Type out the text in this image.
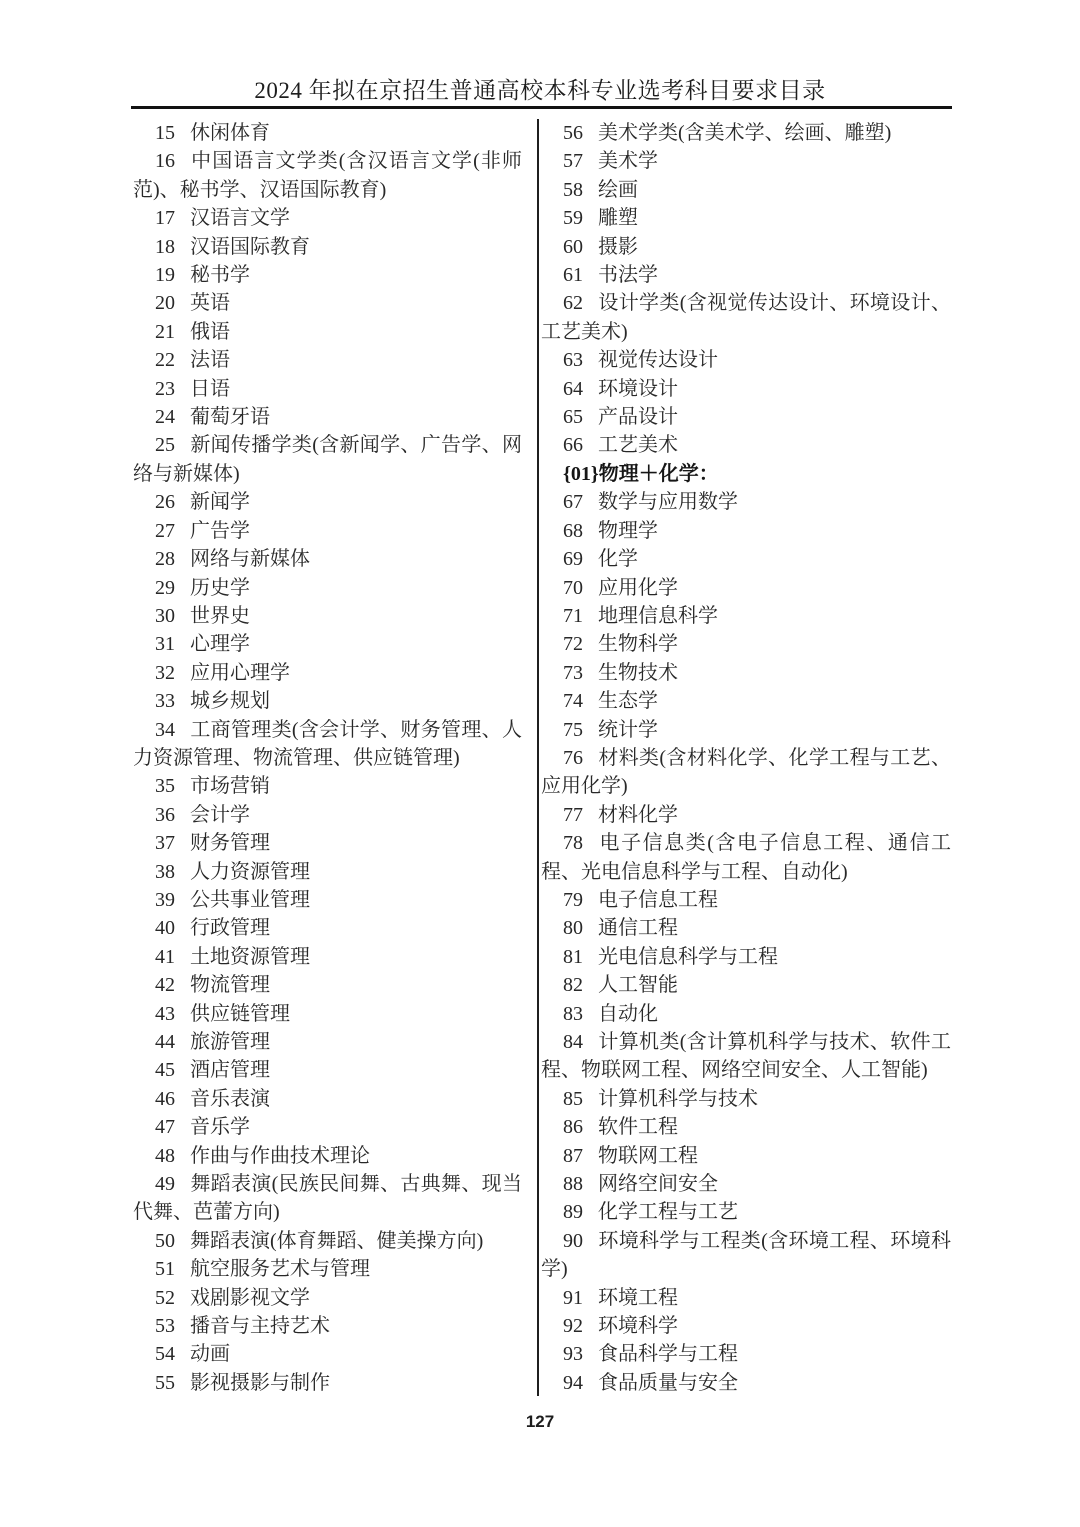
2024 年拟在京招生普通高校本科专业选考科目要求目录

15 休闲体育

16 中国语言文学类(含汉语言文学(非师范)、秘书学、汉语国际教育)

17 汉语言文学

18 汉语国际教育

19 秘书学

20 英语

21 俄语

22 法语

23 日语

24 葡萄牙语

25 新闻传播学类(含新闻学、广告学、网络与新媒体)

26 新闻学

27 广告学

28 网络与新媒体

29 历史学

30 世界史

31 心理学

32 应用心理学

33 城乡规划

34 工商管理类(含会计学、财务管理、人力资源管理、物流管理、供应链管理)

35 市场营销

36 会计学

37 财务管理

38 人力资源管理

39 公共事业管理

40 行政管理

41 土地资源管理

42 物流管理

43 供应链管理

44 旅游管理

45 酒店管理

46 音乐表演

47 音乐学

48 作曲与作曲技术理论

49 舞蹈表演(民族民间舞、古典舞、现当代舞、芭蕾方向)

50 舞蹈表演(体育舞蹈、健美操方向)

51 航空服务艺术与管理

52 戏剧影视文学

53 播音与主持艺术

54 动画

55 影视摄影与制作

56 美术学类(含美术学、绘画、雕塑)

57 美术学

58 绘画

59 雕塑

60 摄影

61 书法学

62 设计学类(含视觉传达设计、环境设计、工艺美术)

63 视觉传达设计

64 环境设计

65 产品设计

66 工艺美术

{01}物理＋化学：

67 数学与应用数学

68 物理学

69 化学

70 应用化学

71 地理信息科学

72 生物科学

73 生物技术

74 生态学

75 统计学

76 材料类(含材料化学、化学工程与工艺、应用化学)

77 材料化学

78 电子信息类(含电子信息工程、通信工程、光电信息科学与工程、自动化)

79 电子信息工程

80 通信工程

81 光电信息科学与工程

82 人工智能

83 自动化

84 计算机类(含计算机科学与技术、软件工程、物联网工程、网络空间安全、人工智能)

85 计算机科学与技术

86 软件工程

87 物联网工程

88 网络空间安全

89 化学工程与工艺

90 环境科学与工程类(含环境工程、环境科学)

91 环境工程

92 环境科学

93 食品科学与工程

94 食品质量与安全

127
